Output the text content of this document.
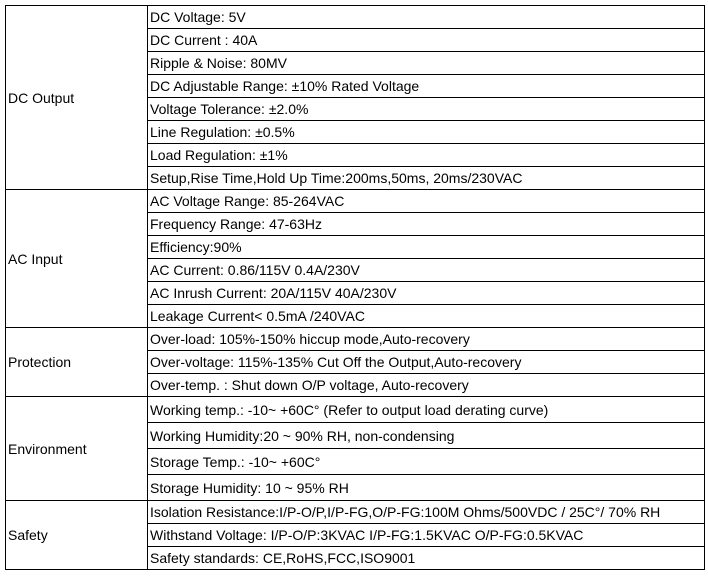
DC Output	DC Voltage: 5V
	DC Current : 40A
	Ripple & Noise: 80MV
	DC Adjustable Range: ±10% Rated Voltage
	Voltage Tolerance: ±2.0%
	Line Regulation: ±0.5%
	Load Regulation: ±1%
	Setup,Rise Time,Hold Up Time:200ms,50ms, 20ms/230VAC
AC Input	AC Voltage Range: 85-264VAC
	Frequency Range: 47-63Hz
	Efficiency:90%
	AC Current: 0.86/115V 0.4A/230V
	AC Inrush Current: 20A/115V 40A/230V
	Leakage Current< 0.5mA /240VAC
Protection	Over-load: 105%-150% hiccup mode,Auto-recovery
	Over-voltage: 115%-135% Cut Off the Output,Auto-recovery
	Over-temp. : Shut down O/P voltage, Auto-recovery
Environment	Working temp.: -10~ +60C° (Refer to output load derating curve)
	Working Humidity:20 ~ 90% RH, non-condensing
	Storage Temp.: -10~ +60C°
	Storage Humidity: 10 ~ 95% RH
Safety	Isolation Resistance:I/P-O/P,I/P-FG,O/P-FG:100M Ohms/500VDC / 25C°/ 70% RH
	Withstand Voltage: I/P-O/P:3KVAC I/P-FG:1.5KVAC O/P-FG:0.5KVAC
	Safety standards: CE,RoHS,FCC,ISO9001
